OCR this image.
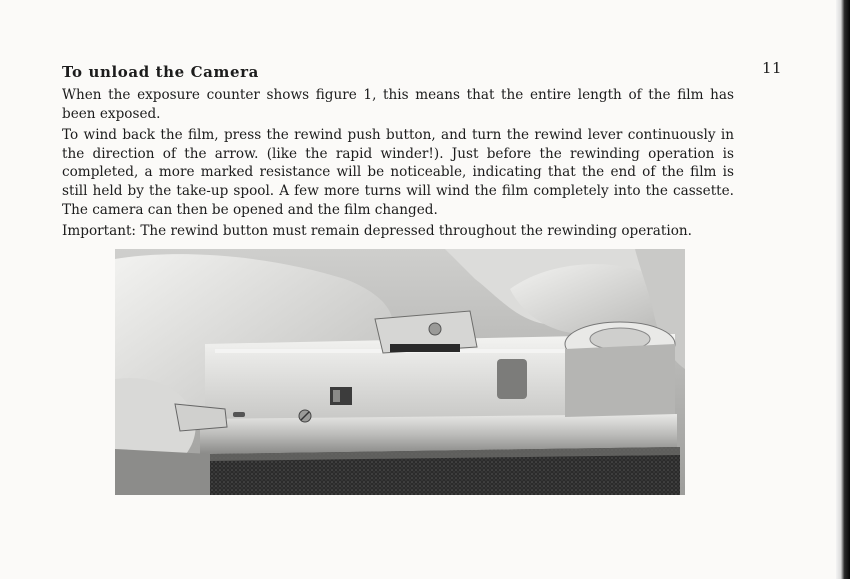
11
To unload the Camera

When the exposure counter shows figure 1, this means that the entire length of the film has been exposed.

To wind back the film, press the rewind push button, and turn the rewind lever continuously in the direction of the arrow. (like the rapid winder!). Just before the rewinding operation is completed, a more marked resistance will be noticeable, indicating that the end of the film is still held by the take-up spool. A few more turns will wind the film completely into the cassette. The camera can then be opened and the film changed.

Important: The rewind button must remain depressed throughout the rewinding operation.
